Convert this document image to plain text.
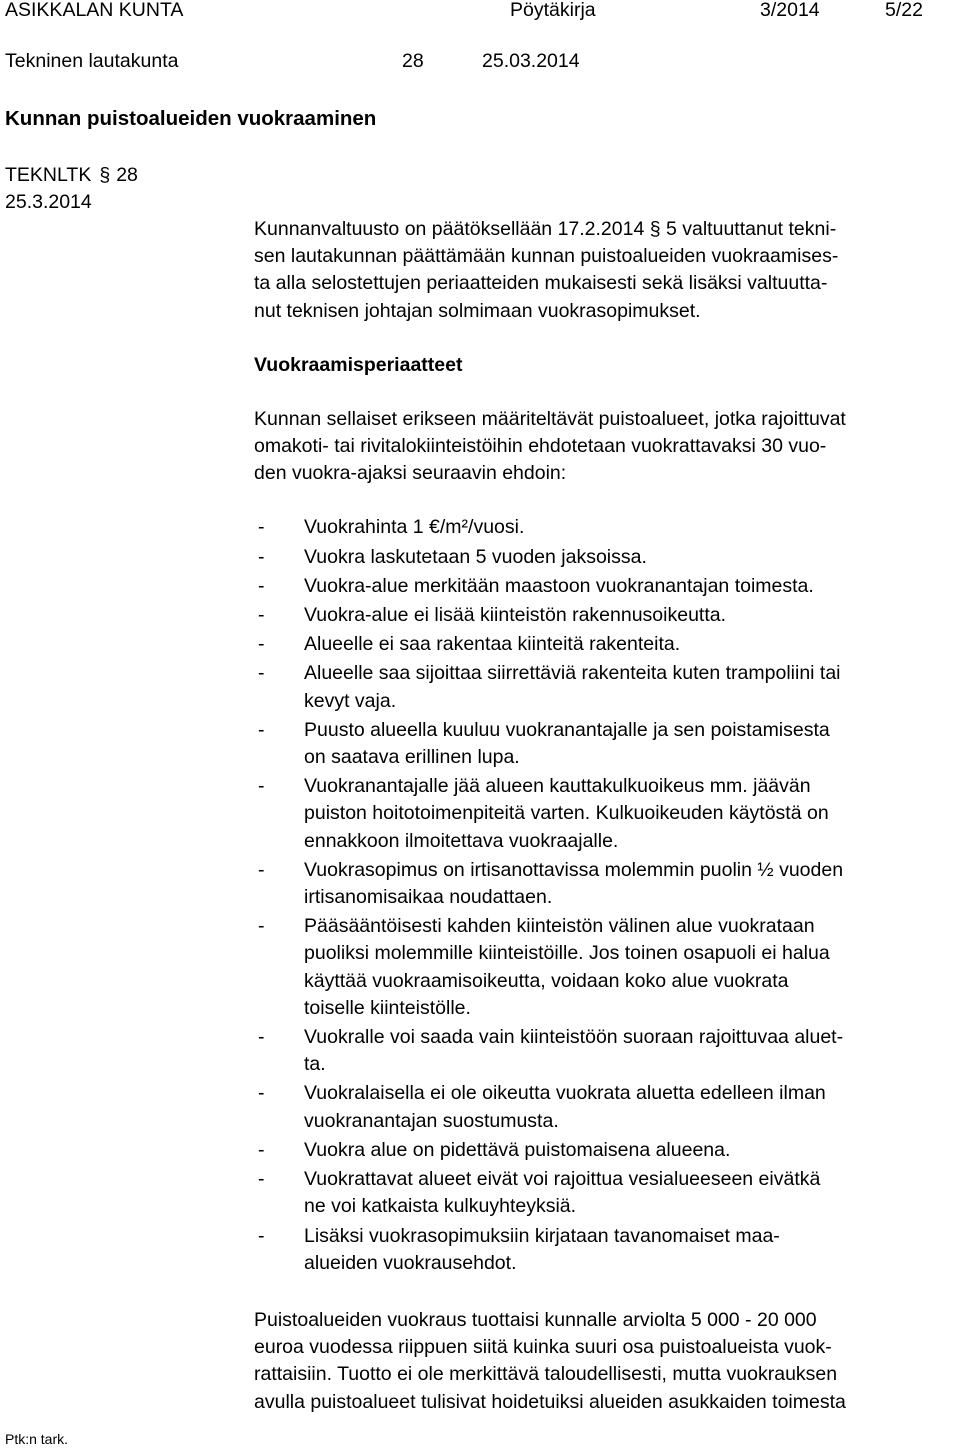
ASIKKALAN KUNTA	Pöytäkirja	3/2014	5/22
Tekninen lautakunta	28	25.03.2014
Kunnan puistoalueiden vuokraaminen
TEKNLTK § 28
25.3.2014

Kunnanvaltuusto on päätöksellään 17.2.2014 § 5 valtuuttanut tekni-
sen lautakunnan päättämään kunnan puistoalueiden vuokraamises-
ta alla selostettujen periaatteiden mukaisesti sekä lisäksi valtuutta-
nut teknisen johtajan solmimaan vuokrasopimukset.

Vuokraamisperiaatteet

Kunnan sellaiset erikseen määriteltävät puistoalueet, jotka rajoittuvat
omakoti- tai rivitalokiinteistöihin ehdotetaan vuokrattavaksi 30 vuo-
den vuokra-ajaksi seuraavin ehdoin:

-	Vuokrahinta 1 €/m²/vuosi.
-	Vuokra laskutetaan 5 vuoden jaksoissa.
-	Vuokra-alue merkitään maastoon vuokranantajan toimesta.
-	Vuokra-alue ei lisää kiinteistön rakennusoikeutta.
-	Alueelle ei saa rakentaa kiinteitä rakenteita.
-	Alueelle saa sijoittaa siirrettäviä rakenteita kuten trampoliini tai
kevyt vaja.
-	Puusto alueella kuuluu vuokranantajalle ja sen poistamisesta
on saatava erillinen lupa.
-	Vuokranantajalle jää alueen kauttakulkuoikeus mm. jäävän
puiston hoitotoimenpiteitä varten. Kulkuoikeuden käytöstä on
ennakkoon ilmoitettava vuokraajalle.
-	Vuokrasopimus on irtisanottavissa molemmin puolin ½ vuoden
irtisanomisaikaa noudattaen.
-	Pääsääntöisesti kahden kiinteistön välinen alue vuokrataan
puoliksi molemmille kiinteistöille. Jos toinen osapuoli ei halua
käyttää vuokraamisoikeutta, voidaan koko alue vuokrata
toiselle kiinteistölle.
-	Vuokralle voi saada vain kiinteistöön suoraan rajoittuvaa aluet-
ta.
-	Vuokralaisella ei ole oikeutta vuokrata aluetta edelleen ilman
vuokranantajan suostumusta.
-	Vuokra alue on pidettävä puistomaisena alueena.
-	Vuokrattavat alueet eivät voi rajoittua vesialueeseen eivätkä
ne voi katkaista kulkuyhteyksiä.
-	Lisäksi vuokrasopimuksiin kirjataan tavanomaiset maa-
alueiden vuokrausehdot.

Puistoalueiden vuokraus tuottaisi kunnalle arviolta 5 000 - 20 000
euroa vuodessa riippuen siitä kuinka suuri osa puistoalueista vuok-
rattaisiin. Tuotto ei ole merkittävä taloudellisesti, mutta vuokrauksen
avulla puistoalueet tulisivat hoidetuiksi alueiden asukkaiden toimesta

Ptk:n tark.
